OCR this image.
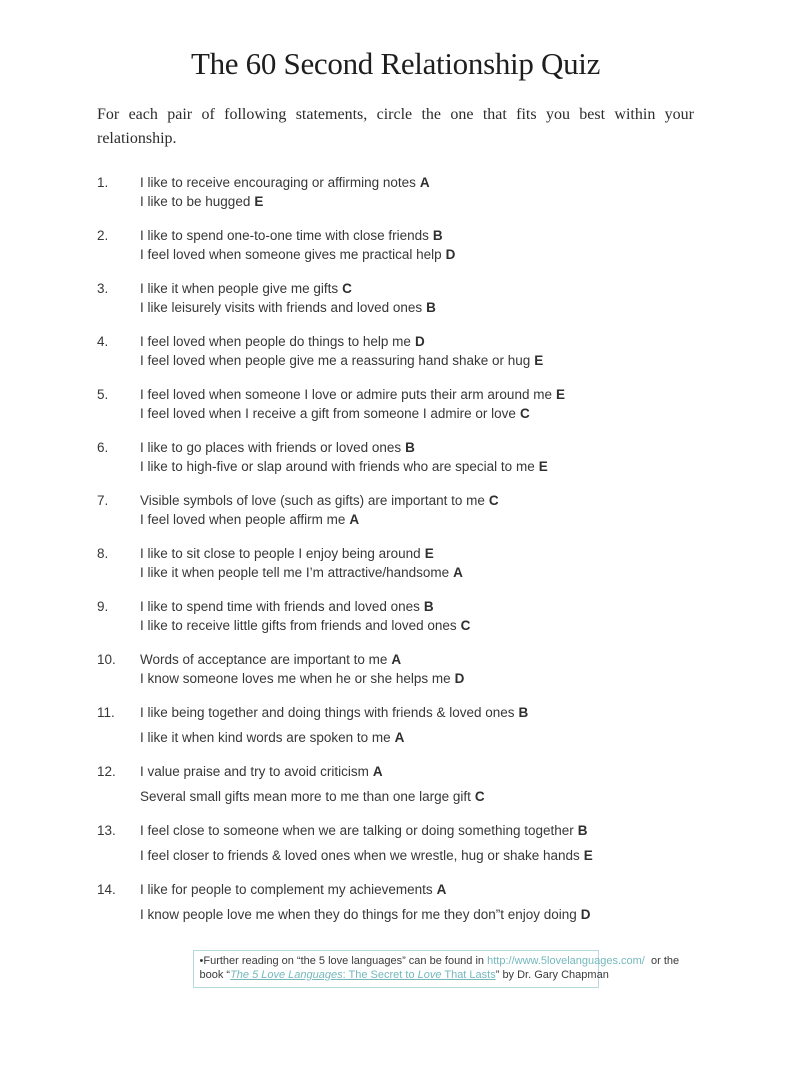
The 60 Second Relationship Quiz

For each pair of following statements, circle the one that fits you best within your relationship.

1.	I like to receive encouraging or affirming notes A
I like to be hugged E
2.	I like to spend one-to-one time with close friends B
I feel loved when someone gives me practical help D
3.	I like it when people give me gifts C
I like leisurely visits with friends and loved ones B
4.	I feel loved when people do things to help me D
I feel loved when people give me a reassuring hand shake or hug E
5.	I feel loved when someone I love or admire puts their arm around me E
I feel loved when I receive a gift from someone I admire or love C
6.	I like to go places with friends or loved ones B
I like to high-five or slap around with friends who are special to me E
7.	Visible symbols of love (such as gifts) are important to me C
I feel loved when people affirm me A
8.	I like to sit close to people I enjoy being around E
I like it when people tell me I’m attractive/handsome A
9.	I like to spend time with friends and loved ones B
I like to receive little gifts from friends and loved ones C
10.	Words of acceptance are important to me A
I know someone loves me when he or she helps me D
11.	I like being together and doing things with friends & loved ones B
I like it when kind words are spoken to me A
12.	I value praise and try to avoid criticism A
Several small gifts mean more to me than one large gift C
13.	I feel close to someone when we are talking or doing something together B
I feel closer to friends & loved ones when we wrestle, hug or shake hands E
14.	I like for people to complement my achievements A
I know people love me when they do things for me they don”t enjoy doing D
•Further reading on “the 5 love languages” can be found in http://www.5lovelanguages.com/  or the
book “The 5 Love Languages: The Secret to Love That Lasts” by Dr. Gary Chapman
